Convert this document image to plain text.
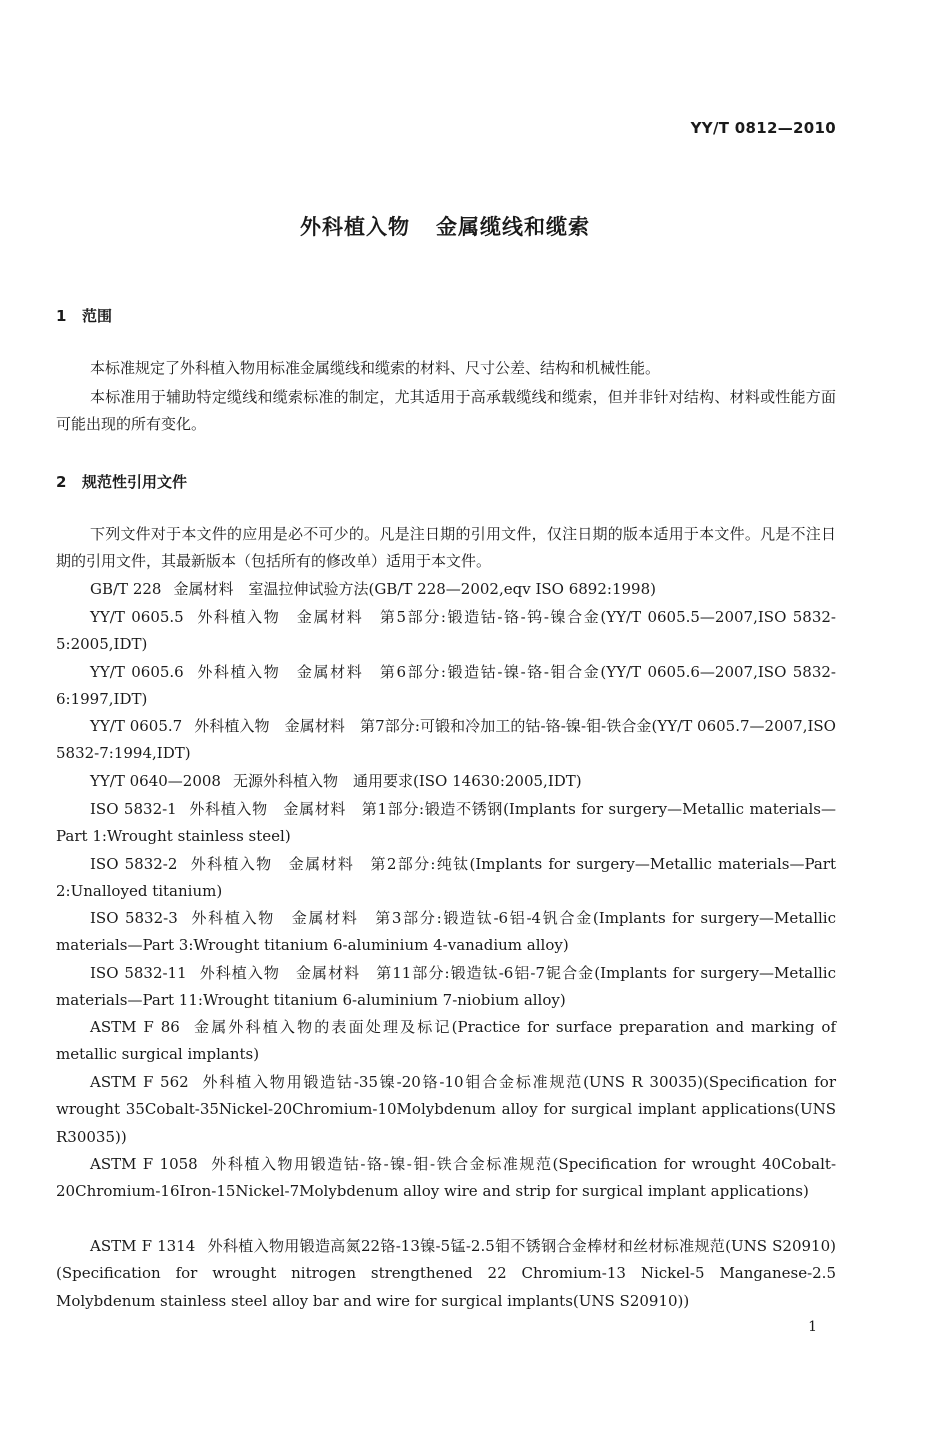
YY/T 0812—2010
外科植入物 金属缆线和缆索
1 范围
本标准规定了外科植入物用标准金属缆线和缆索的材料、尺寸公差、结构和机械性能。
本标准用于辅助特定缆线和缆索标准的制定，尤其适用于高承载缆线和缆索，但并非针对结构、材料或性能方面可能出现的所有变化。
2 规范性引用文件
下列文件对于本文件的应用是必不可少的。凡是注日期的引用文件，仅注日期的版本适用于本文件。凡是不注日期的引用文件，其最新版本（包括所有的修改单）适用于本文件。
GB/T 228 金属材料　室温拉伸试验方法(GB/T 228—2002,eqv ISO 6892:1998)
YY/T 0605.5 外科植入物　金属材料　第5部分:锻造钴-铬-钨-镍合金(YY/T 0605.5—2007,ISO 5832-5:2005,IDT)
YY/T 0605.6 外科植入物　金属材料　第6部分:锻造钴-镍-铬-钼合金(YY/T 0605.6—2007,ISO 5832-6:1997,IDT)
YY/T 0605.7 外科植入物　金属材料　第7部分:可锻和冷加工的钴-铬-镍-钼-铁合金(YY/T 0605.7—2007,ISO 5832-7:1994,IDT)
YY/T 0640—2008 无源外科植入物　通用要求(ISO 14630:2005,IDT)
ISO 5832-1 外科植入物　金属材料　第1部分:锻造不锈钢(Implants for surgery—Metallic materials—Part 1:Wrought stainless steel)
ISO 5832-2 外科植入物　金属材料　第2部分:纯钛(Implants for surgery—Metallic materials—Part 2:Unalloyed titanium)
ISO 5832-3 外科植入物　金属材料　第3部分:锻造钛-6铝-4钒合金(Implants for surgery—Metallic materials—Part 3:Wrought titanium 6-aluminium 4-vanadium alloy)
ISO 5832-11 外科植入物　金属材料　第11部分:锻造钛-6铝-7铌合金(Implants for surgery—Metallic materials—Part 11:Wrought titanium 6-aluminium 7-niobium alloy)
ASTM F 86 金属外科植入物的表面处理及标记(Practice for surface preparation and marking of metallic surgical implants)
ASTM F 562 外科植入物用锻造钴-35镍-20铬-10钼合金标准规范(UNS R 30035)(Specification for wrought 35Cobalt-35Nickel-20Chromium-10Molybdenum alloy for surgical implant applications(UNS R30035))
ASTM F 1058 外科植入物用锻造钴-铬-镍-钼-铁合金标准规范(Specification for wrought 40Cobalt-20Chromium-16Iron-15Nickel-7Molybdenum alloy wire and strip for surgical implant applications)
ASTM F 1314 外科植入物用锻造高氮22铬-13镍-5锰-2.5钼不锈钢合金棒材和丝材标准规范(UNS S20910)(Specification for wrought nitrogen strengthened 22 Chromium-13 Nickel-5 Manganese-2.5 Molybdenum stainless steel alloy bar and wire for surgical implants(UNS S20910))
1
